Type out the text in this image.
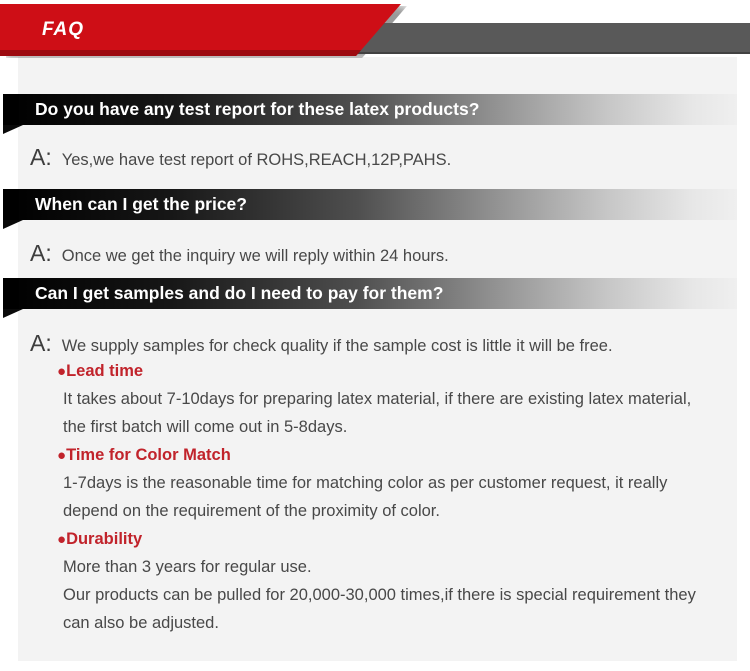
FAQ
Do you have any test report for these latex products?
A: Yes,we have test report of ROHS,REACH,12P,PAHS.
When can I get the price?
A: Once we get the inquiry we will reply within 24 hours.
Can I get samples and do I need to pay for them?
A: We supply samples for check quality if the sample cost is little it will be free.
●Lead time
It takes about 7-10days for preparing latex material, if there are existing latex material,
the first batch will come out in 5-8days.
●Time for Color Match
1-7days is the reasonable time for matching color as per customer request, it really
depend on the requirement of the proximity of color.
●Durability
More than 3 years for regular use.
Our products can be pulled for 20,000-30,000 times,if there is special requirement they
can also be adjusted.
